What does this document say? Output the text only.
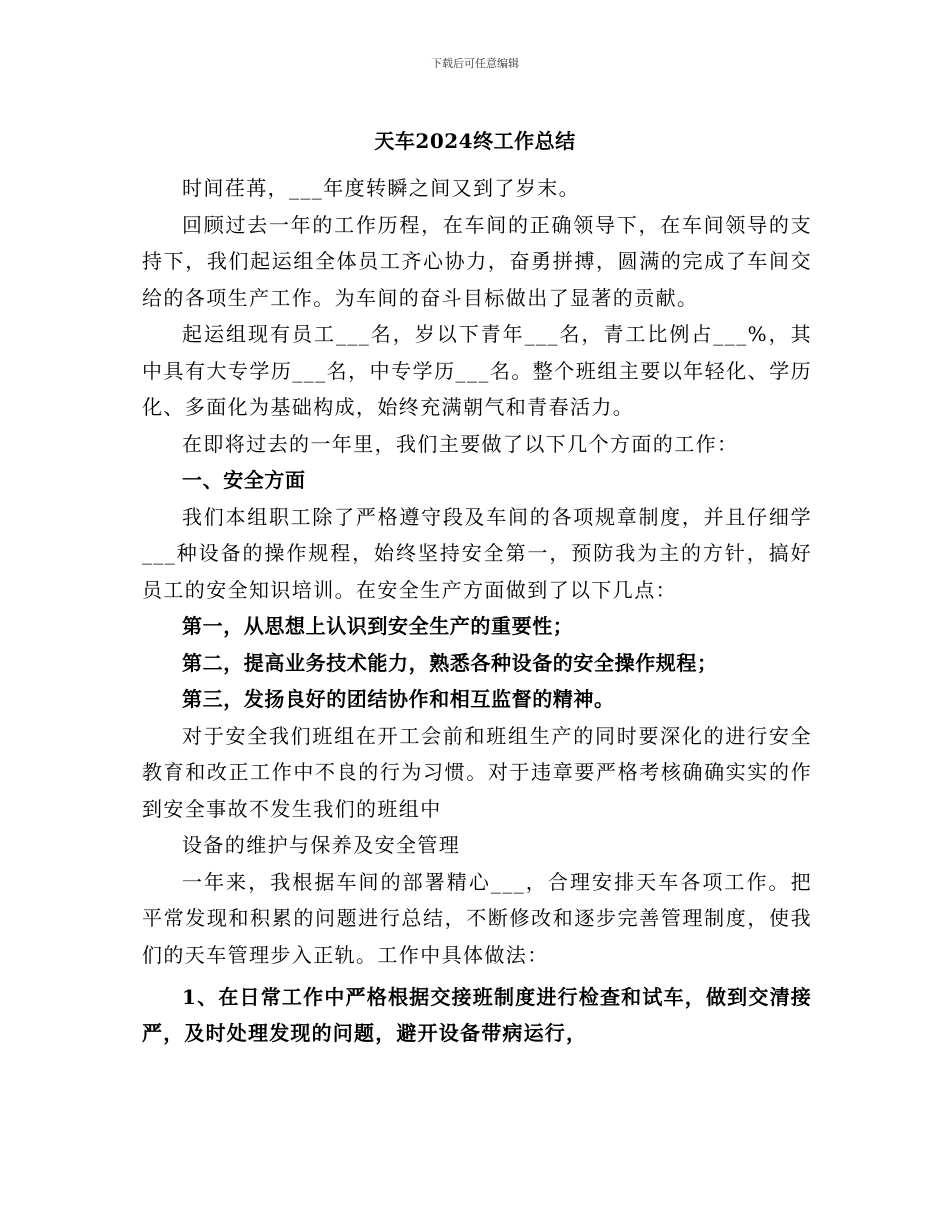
下载后可任意编辑
天车2024终工作总结

时间荏苒，___年度转瞬之间又到了岁末。

回顾过去一年的工作历程，在车间的正确领导下，在车间领导的支持下，我们起运组全体员工齐心协力，奋勇拼搏，圆满的完成了车间交给的各项生产工作。为车间的奋斗目标做出了显著的贡献。

起运组现有员工___名，岁以下青年___名，青工比例占___%，其中具有大专学历___名，中专学历___名。整个班组主要以年轻化、学历化、多面化为基础构成，始终充满朝气和青春活力。

在即将过去的一年里，我们主要做了以下几个方面的工作：

一、安全方面

我们本组职工除了严格遵守段及车间的各项规章制度，并且仔细学___种设备的操作规程，始终坚持安全第一，预防我为主的方针，搞好员工的安全知识培训。在安全生产方面做到了以下几点：

第一，从思想上认识到安全生产的重要性；

第二，提高业务技术能力，熟悉各种设备的安全操作规程；

第三，发扬良好的团结协作和相互监督的精神。

对于安全我们班组在开工会前和班组生产的同时要深化的进行安全教育和改正工作中不良的行为习惯。对于违章要严格考核确确实实的作到安全事故不发生我们的班组中

设备的维护与保养及安全管理

一年来，我根据车间的部署精心___，合理安排天车各项工作。把平常发现和积累的问题进行总结，不断修改和逐步完善管理制度，使我们的天车管理步入正轨。工作中具体做法：

1、在日常工作中严格根据交接班制度进行检查和试车，做到交清接严，及时处理发现的问题，避开设备带病运行，
